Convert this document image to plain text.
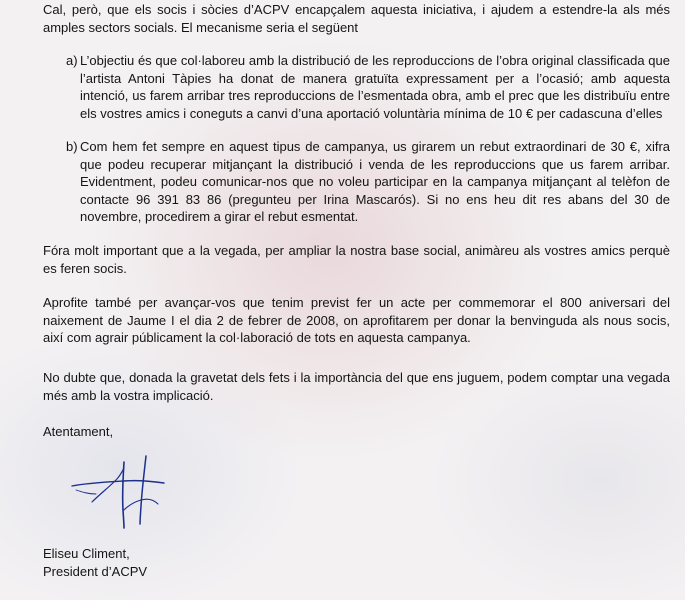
Cal, però, que els socis i sòcies d’ACPV encapçalem aquesta iniciativa, i ajudem a estendre-la als més amples sectors socials. El mecanisme seria el següent

a) L’objectiu és que col·laboreu amb la distribució de les reproduccions de l’obra original classificada que l’artista Antoni Tàpies ha donat de manera gratuïta expressament per a l’ocasió; amb aquesta intenció, us farem arribar tres reproduccions de l’esmentada obra, amb el prec que les distribuïu entre els vostres amics i coneguts a canvi d’una aportació voluntària mínima de 10 € per cadascuna d’elles
b) Com hem fet sempre en aquest tipus de campanya, us girarem un rebut extraordinari de 30 €, xifra que podeu recuperar mitjançant la distribució i venda de les reproduccions que us farem arribar. Evidentment, podeu comunicar-nos que no voleu participar en la campanya mitjançant al telèfon de contacte 96 391 83 86 (pregunteu per Irina Mascarós). Si no ens heu dit res abans del 30 de novembre, procedirem a girar el rebut esmentat.

Fóra molt important que a la vegada, per ampliar la nostra base social, animàreu als vostres amics perquè es feren socis.

Aprofite també per avançar-vos que tenim previst fer un acte per commemorar el 800 aniversari del naixement de Jaume I el dia 2 de febrer de 2008, on aprofitarem per donar la benvinguda als nous socis, així com agrair públicament la col·laboració de tots en aquesta campanya.

No dubte que, donada la gravetat dels fets i la importància del que ens juguem, podem comptar una vegada més amb la vostra implicació.

Atentament,

Eliseu Climent,
President d’ACPV
